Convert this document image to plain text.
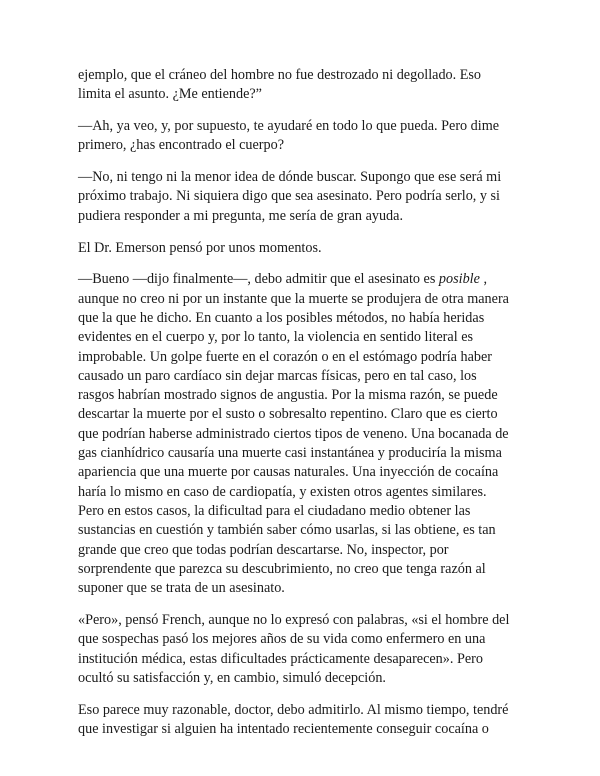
ejemplo, que el cráneo del hombre no fue destrozado ni degollado. Eso
limita el asunto. ¿Me entiende?”
—Ah, ya veo, y, por supuesto, te ayudaré en todo lo que pueda. Pero dime
primero, ¿has encontrado el cuerpo?
—No, ni tengo ni la menor idea de dónde buscar. Supongo que ese será mi
próximo trabajo. Ni siquiera digo que sea asesinato. Pero podría serlo, y si
pudiera responder a mi pregunta, me sería de gran ayuda.
El Dr. Emerson pensó por unos momentos.
—Bueno —dijo finalmente—, debo admitir que el asesinato es posible ,
aunque no creo ni por un instante que la muerte se produjera de otra manera
que la que he dicho. En cuanto a los posibles métodos, no había heridas
evidentes en el cuerpo y, por lo tanto, la violencia en sentido literal es
improbable. Un golpe fuerte en el corazón o en el estómago podría haber
causado un paro cardíaco sin dejar marcas físicas, pero en tal caso, los
rasgos habrían mostrado signos de angustia. Por la misma razón, se puede
descartar la muerte por el susto o sobresalto repentino. Claro que es cierto
que podrían haberse administrado ciertos tipos de veneno. Una bocanada de
gas cianhídrico causaría una muerte casi instantánea y produciría la misma
apariencia que una muerte por causas naturales. Una inyección de cocaína
haría lo mismo en caso de cardiopatía, y existen otros agentes similares.
Pero en estos casos, la dificultad para el ciudadano medio obtener las
sustancias en cuestión y también saber cómo usarlas, si las obtiene, es tan
grande que creo que todas podrían descartarse. No, inspector, por
sorprendente que parezca su descubrimiento, no creo que tenga razón al
suponer que se trata de un asesinato.
«Pero», pensó French, aunque no lo expresó con palabras, «si el hombre del
que sospechas pasó los mejores años de su vida como enfermero en una
institución médica, estas dificultades prácticamente desaparecen». Pero
ocultó su satisfacción y, en cambio, simuló decepción.
Eso parece muy razonable, doctor, debo admitirlo. Al mismo tiempo, tendré
que investigar si alguien ha intentado recientemente conseguir cocaína o
